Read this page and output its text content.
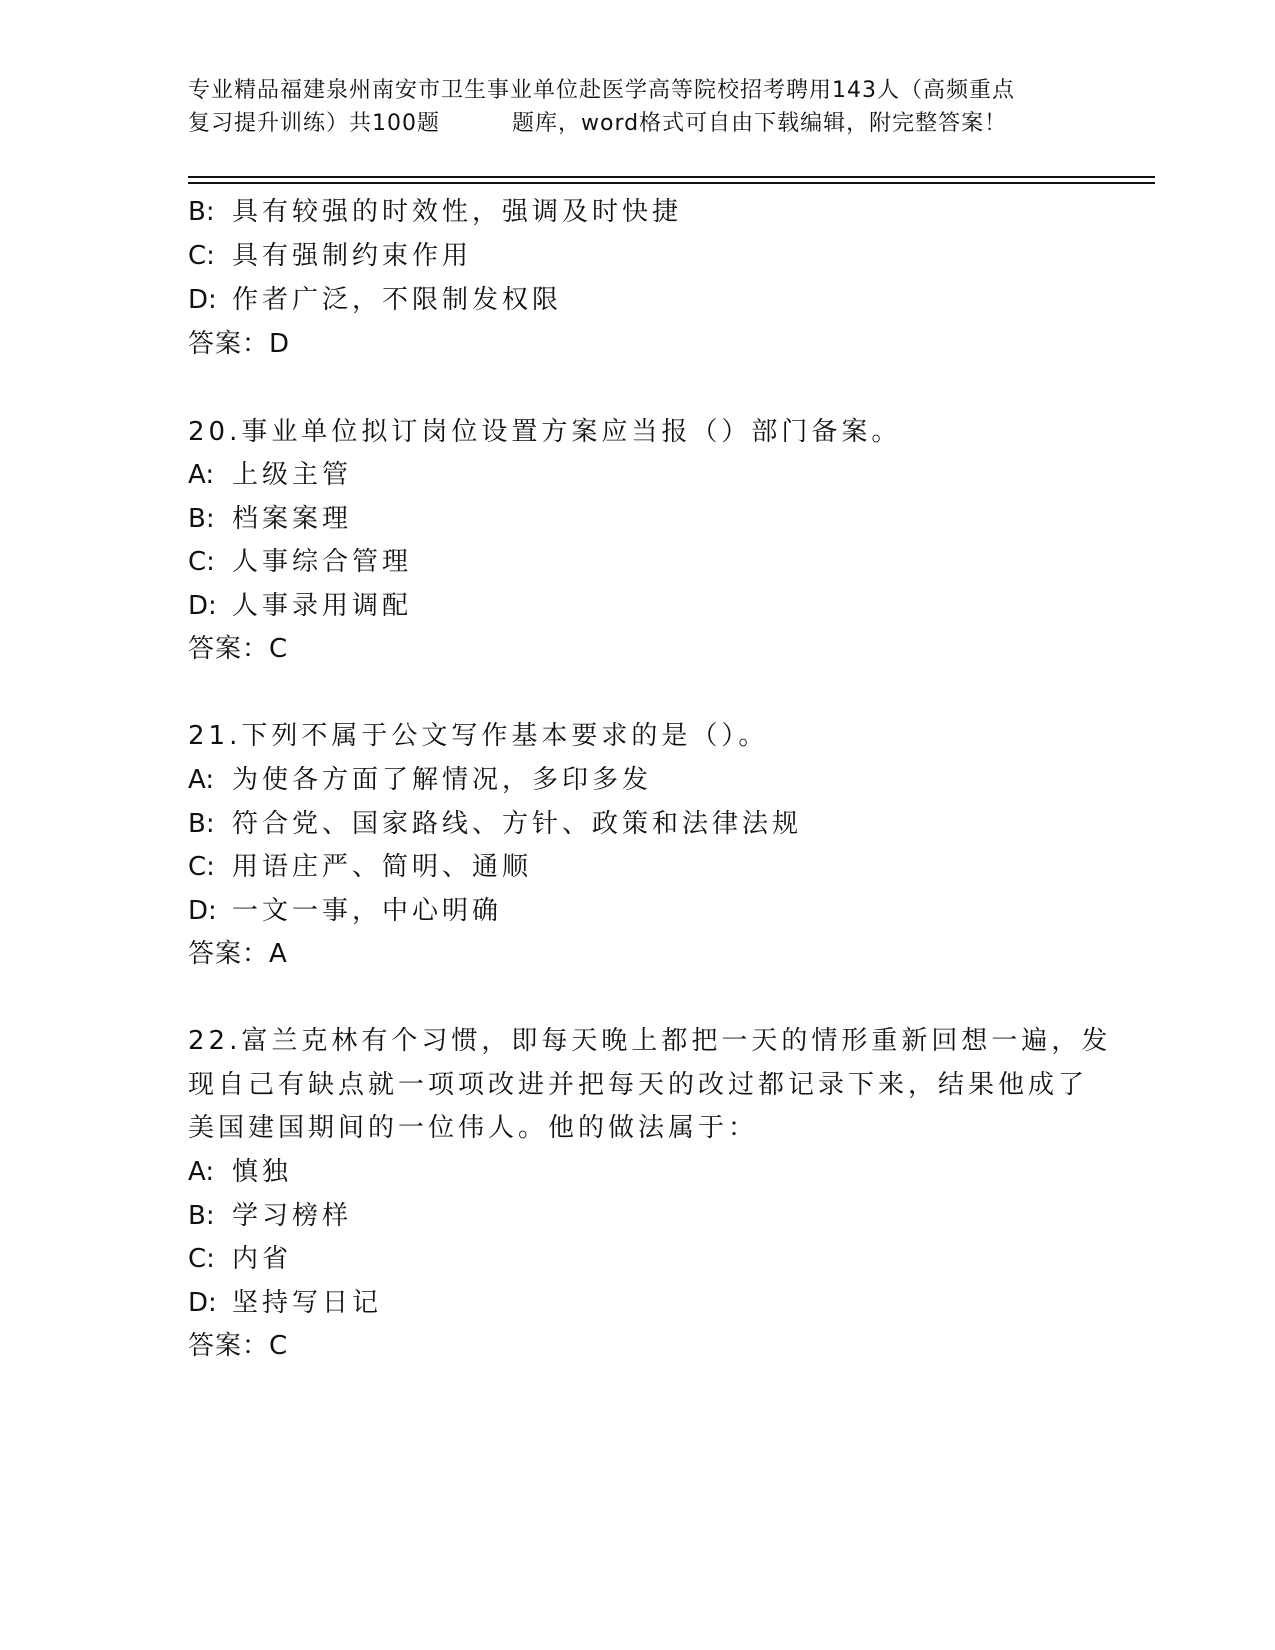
专业精品福建泉州南安市卫生事业单位赴医学高等院校招考聘用143人（高频重点
复习提升训练）共100题	题库，word格式可自由下载编辑，附完整答案！
B: 具有较强的时效性，强调及时快捷
C: 具有强制约束作用
D: 作者广泛，不限制发权限
答案：D
20.事业单位拟订岗位设置方案应当报（）部门备案。
A: 上级主管
B: 档案案理
C: 人事综合管理
D: 人事录用调配
答案：C
21.下列不属于公文写作基本要求的是（）。
A: 为使各方面了解情况，多印多发
B: 符合党、国家路线、方针、政策和法律法规
C: 用语庄严、简明、通顺
D: 一文一事，中心明确
答案：A
22.富兰克林有个习惯，即每天晚上都把一天的情形重新回想一遍，发
现自己有缺点就一项项改进并把每天的改过都记录下来，结果他成了
美国建国期间的一位伟人。他的做法属于：
A: 慎独
B: 学习榜样
C: 内省
D: 坚持写日记
答案：C
